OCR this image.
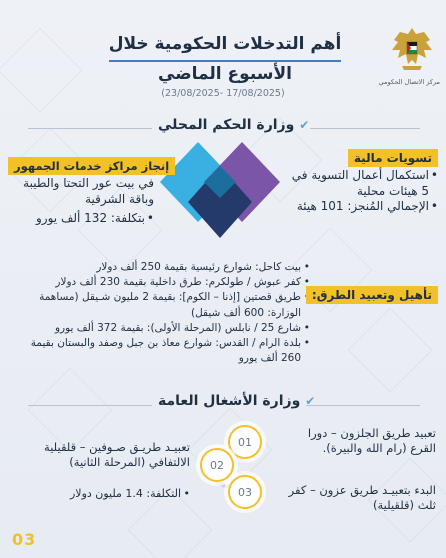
مركز الاتصال الحكومي
أهم التدخلات الحكومية خلال
الأسبوع الماضي
(17/08/2025 -23/08/2025)
✔ وزارة الحكم المحلي
تسويات مالية
• استكمال أعمال التسوية في 5 هيئات محلية
• الإجمالي المُنجز: 101 هيئة
إنجاز مراكز خدمات الجمهور
في بيت عور التحتا والطيبة وباقة الشرقية
• بتكلفة: 132 ألف يورو
• بيت كاحل: شوارع رئيسية بقيمة 250 ألف دولار
• كفر عبوش / طولكرم: طرق داخلية بقيمة 230 ألف دولار
• طريق قصتين [إذنا – الكوم]: بقيمة 2 مليون شـيقل (مساهمة الوزارة: 600 ألف شيقل)
• شارع 25 / نابلس (المرحلة الأولى): بقيمة 372 ألف يورو
• بلدة الرام / القدس: شوارع معاذ بن جبل وصفد والبستان بقيمة 260 ألف يورو
تأهيل وتعبيد الطرق:
✔ وزارة الأشغال العامة
01
02
03
تعبيد طريق الجلزون – دورا القرع (رام الله والبيرة).
تعبيـد طريـق صـوفين – قلقيلية الالتفافي (المرحلة الثانية)
• التكلفة: 1.4 مليون دولار	البدء بتعبيـد طريق عزون – كفر ثلث (قلقيلية)
03
